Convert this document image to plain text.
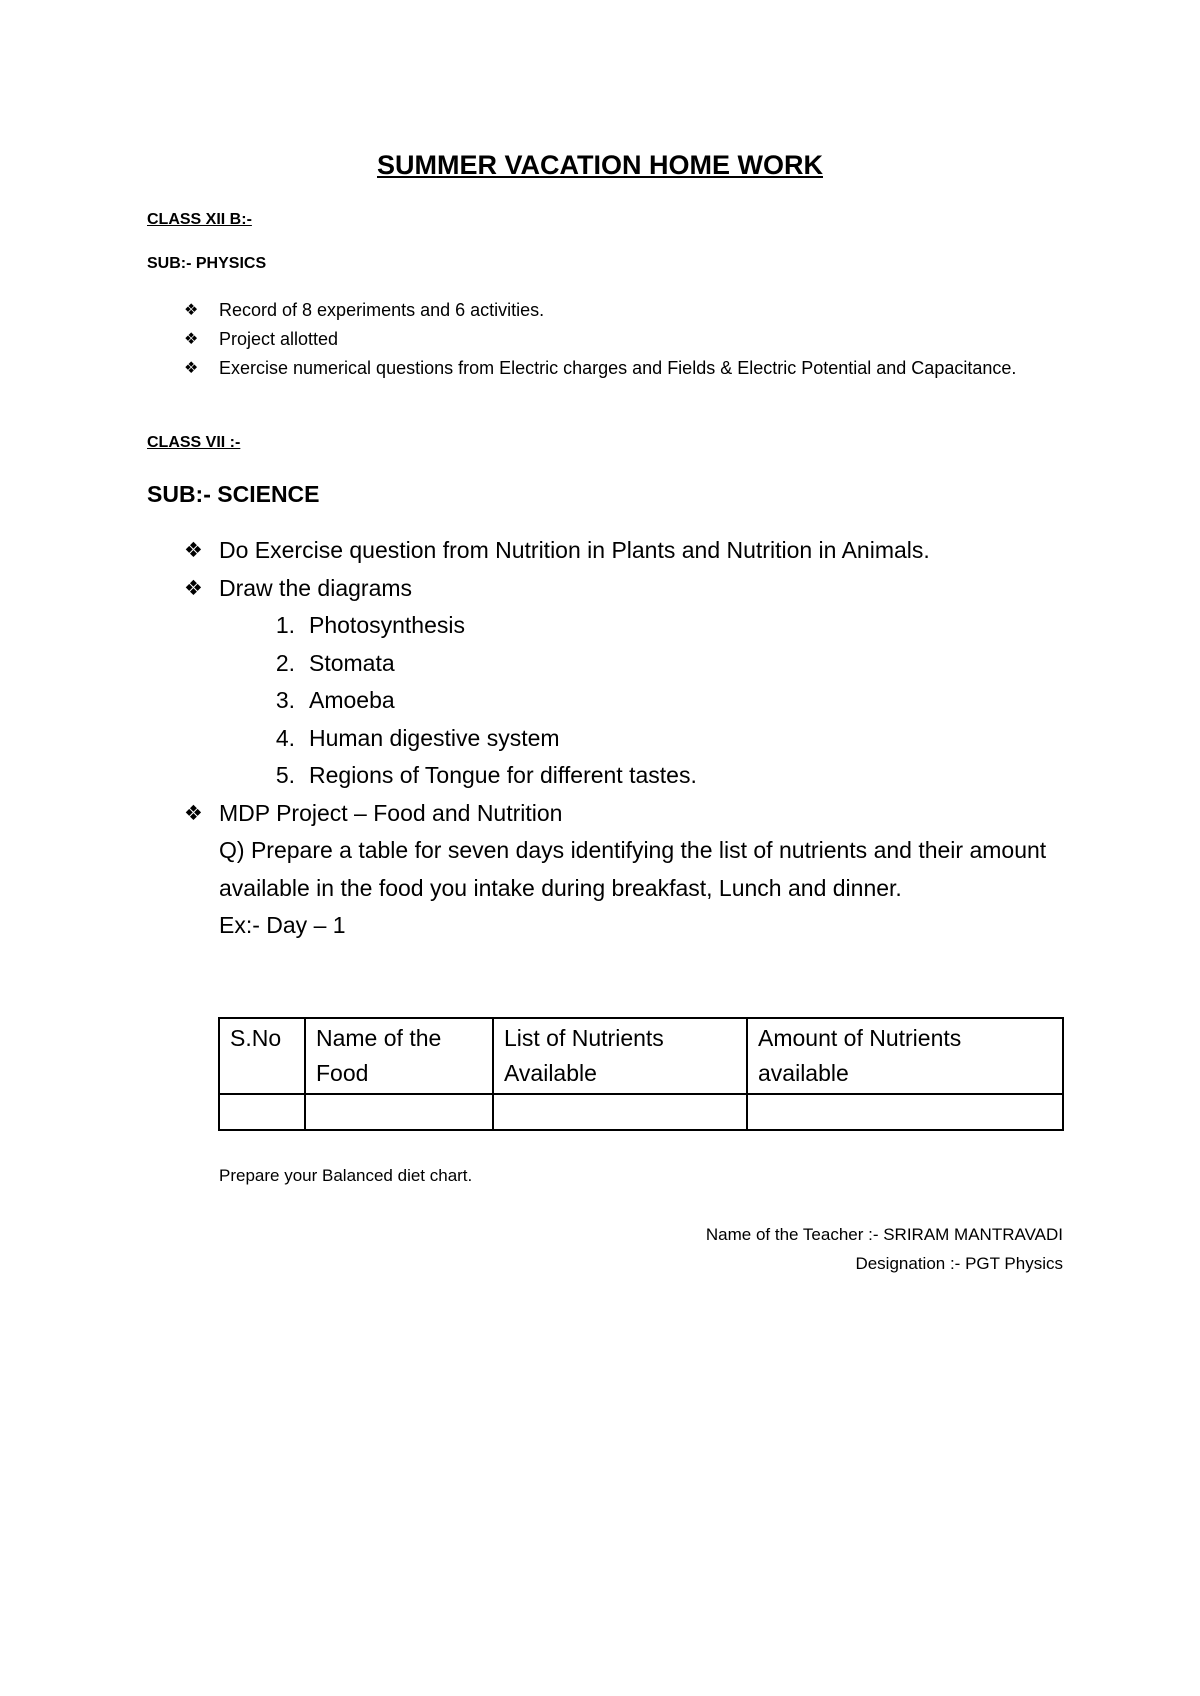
SUMMER VACATION HOME WORK
CLASS XII B:-
SUB:- PHYSICS
❖ Record of 8 experiments and 6 activities.
❖ Project allotted
❖ Exercise numerical questions from Electric charges and Fields & Electric Potential and Capacitance.
CLASS VII :-
SUB:- SCIENCE
❖ Do Exercise question from Nutrition in Plants and Nutrition in Animals.
❖ Draw the diagrams
1. Photosynthesis
2. Stomata
3. Amoeba
4. Human digestive system
5. Regions of Tongue for different tastes.
❖ MDP Project – Food and Nutrition
Q) Prepare a table for seven days identifying the list of nutrients and their amount available in the food you intake during breakfast, Lunch and dinner.
Ex:- Day – 1
S.No	Name of the Food	List of Nutrients Available	Amount of Nutrients available

Prepare your Balanced diet chart.
Name of the Teacher :- SRIRAM MANTRAVADI
Designation :- PGT Physics
